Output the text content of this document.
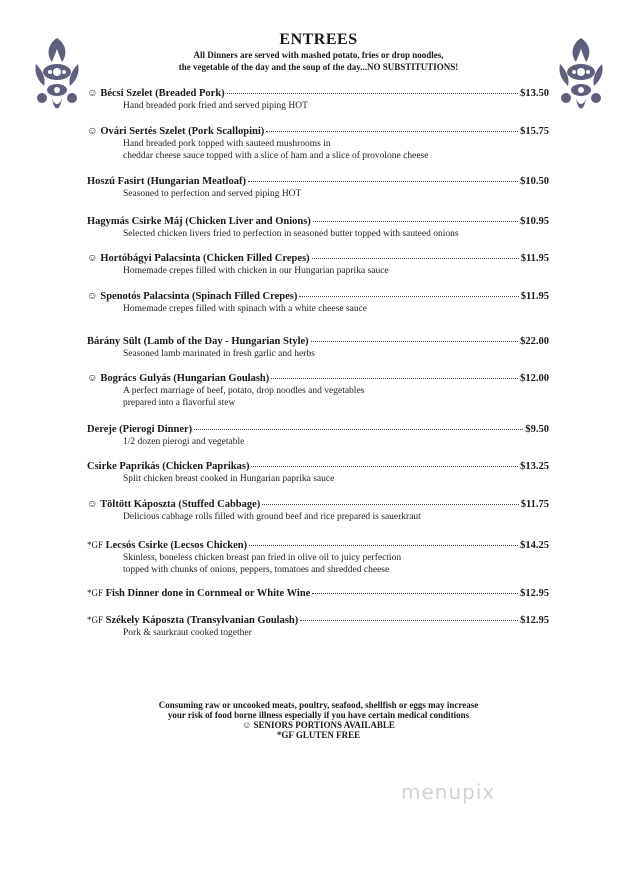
ENTREES
All Dinners are served with mashed potato, fries or drop noodles,
the vegetable of the day and the soup of the day...NO SUBSTITUTIONS!
☺ Bécsi Szelet (Breaded Pork)	$13.50
Hand breaded pork fried and served piping HOT
☺ Ovári Sertés Szelet (Pork Scallopini)	$15.75
Hand breaded pork topped with sauteed mushrooms in
cheddar cheese sauce topped with a slice of ham and a slice of provolone cheese
Hoszú Fasirt (Hungarian Meatloaf)	$10.50
Seasoned to perfection and served piping HOT
Hagymás Csirke Máj (Chicken Liver and Onions)	$10.95
Selected chicken livers fried to perfection in seasoned butter topped with sauteed onions
☺ Hortóbágyi Palacsinta (Chicken Filled Crepes)	$11.95
Homemade crepes filled with chicken in our Hungarian paprika sauce
☺ Spenotós Palacsinta (Spinach Filled Crepes)	$11.95
Homemade crepes filled with spinach with a white cheese sauce
Bárány Sült (Lamb of the Day - Hungarian Style)	$22.00
Seasoned lamb marinated in fresh garlic and herbs
☺ Bogrács Gulyás (Hungarian Goulash)	$12.00
A perfect marriage of beef, potato, drop noodles and vegetables
prepared into a flavorful stew
Dereje (Pierogi Dinner)	$9.50
1/2 dozen pierogi and vegetable
Csirke Paprikás (Chicken Paprikas)	$13.25
Split chicken breast cooked in Hungarian paprika sauce
☺ Töltött Káposzta (Stuffed Cabbage)	$11.75
Delicious cabbage rolls filled with ground beef and rice prepared is sauerkraut
*GF Lecsós Csirke (Lecsos Chicken)	$14.25
Skinless, boneless chicken breast pan fried in olive oil to juicy perfection
topped with chunks of onions, peppers, tomatoes and shredded cheese
*GF Fish Dinner done in Cornmeal or White Wine	$12.95
*GF Székely Káposzta (Transylvanian Goulash)	$12.95
Pork & saurkraut cooked together
Consuming raw or uncooked meats, poultry, seafood, shellfish or eggs may increase
your risk of food borne illness especially if you have certain medical conditions
☺ SENIORS PORTIONS AVAILABLE
*GF GLUTEN FREE
menupix
